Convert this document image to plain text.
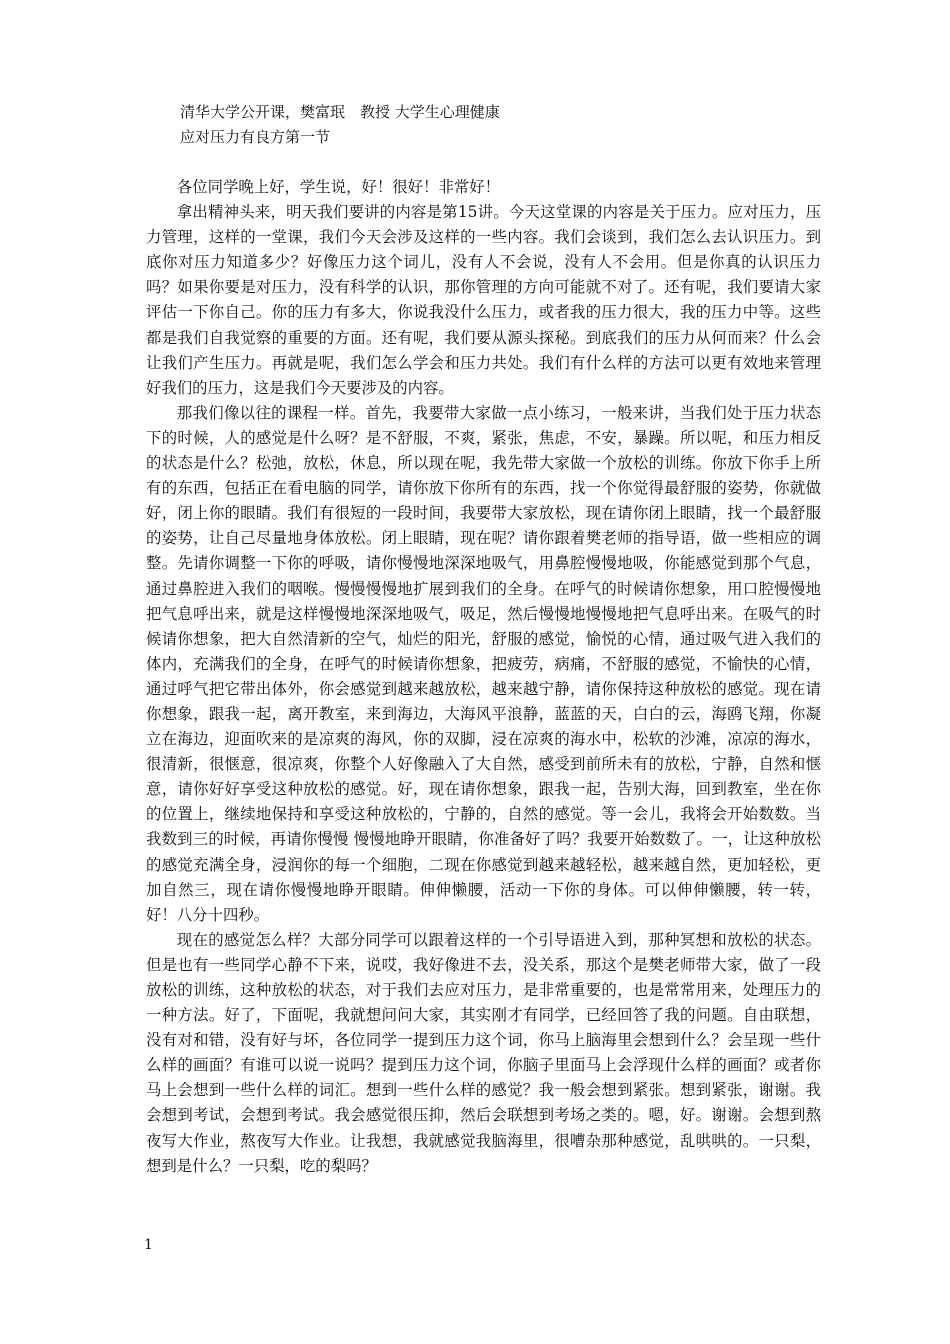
清华大学公开课，樊富珉　教授 大学生心理健康

应对压力有良方第一节

各位同学晚上好，学生说，好！很好！非常好！

拿出精神头来，明天我们要讲的内容是第15讲。今天这堂课的内容是关于压力。应对压力，压力管理，这样的一堂课，我们今天会涉及这样的一些内容。我们会谈到，我们怎么去认识压力。到底你对压力知道多少？好像压力这个词儿，没有人不会说，没有人不会用。但是你真的认识压力吗？如果你要是对压力，没有科学的认识，那你管理的方向可能就不对了。还有呢，我们要请大家评估一下你自己。你的压力有多大，你说我没什么压力，或者我的压力很大，我的压力中等。这些都是我们自我觉察的重要的方面。还有呢，我们要从源头探秘。到底我们的压力从何而来？什么会让我们产生压力。再就是呢，我们怎么学会和压力共处。我们有什么样的方法可以更有效地来管理好我们的压力，这是我们今天要涉及的内容。

那我们像以往的课程一样。首先，我要带大家做一点小练习，一般来讲，当我们处于压力状态下的时候，人的感觉是什么呀？是不舒服，不爽，紧张，焦虑，不安，暴躁。所以呢，和压力相反的状态是什么？松弛，放松，休息，所以现在呢，我先带大家做一个放松的训练。你放下你手上所有的东西，包括正在看电脑的同学，请你放下你所有的东西，找一个你觉得最舒服的姿势，你就做好，闭上你的眼睛。我们有很短的一段时间，我要带大家放松，现在请你闭上眼睛，找一个最舒服的姿势，让自己尽量地身体放松。闭上眼睛，现在呢？请你跟着樊老师的指导语，做一些相应的调整。先请你调整一下你的呼吸，请你慢慢地深深地吸气，用鼻腔慢慢地吸，你能感觉到那个气息，通过鼻腔进入我们的咽喉。慢慢慢慢地扩展到我们的全身。在呼气的时候请你想象，用口腔慢慢地把气息呼出来，就是这样慢慢地深深地吸气，吸足，然后慢慢地慢慢地把气息呼出来。在吸气的时候请你想象，把大自然清新的空气，灿烂的阳光，舒服的感觉，愉悦的心情，通过吸气进入我们的体内，充满我们的全身，在呼气的时候请你想象，把疲劳，病痛，不舒服的感觉，不愉快的心情，通过呼气把它带出体外，你会感觉到越来越放松，越来越宁静，请你保持这种放松的感觉。现在请你想象，跟我一起，离开教室，来到海边，大海风平浪静，蓝蓝的天，白白的云，海鸥飞翔，你凝立在海边，迎面吹来的是凉爽的海风，你的双脚，浸在凉爽的海水中，松软的沙滩，凉凉的海水，很清新，很惬意，很凉爽，你整个人好像融入了大自然，感受到前所未有的放松，宁静，自然和惬意，请你好好享受这种放松的感觉。好，现在请你想象，跟我一起，告别大海，回到教室，坐在你的位置上，继续地保持和享受这种放松的，宁静的，自然的感觉。等一会儿，我将会开始数数。当我数到三的时候，再请你慢慢 慢慢地睁开眼睛，你准备好了吗？我要开始数数了。一，让这种放松的感觉充满全身，浸润你的每一个细胞，二现在你感觉到越来越轻松，越来越自然，更加轻松，更加自然三，现在请你慢慢地睁开眼睛。伸伸懒腰，活动一下你的身体。可以伸伸懒腰，转一转，好！八分十四秒。

现在的感觉怎么样？大部分同学可以跟着这样的一个引导语进入到，那种冥想和放松的状态。但是也有一些同学心静不下来，说哎，我好像进不去，没关系，那这个是樊老师带大家，做了一段放松的训练，这种放松的状态，对于我们去应对压力，是非常重要的，也是常常用来，处理压力的一种方法。好了，下面呢，我就想问问大家，其实刚才有同学，已经回答了我的问题。自由联想，没有对和错，没有好与坏，各位同学一提到压力这个词，你马上脑海里会想到什么？会呈现一些什么样的画面？有谁可以说一说吗？提到压力这个词，你脑子里面马上会浮现什么样的画面？或者你马上会想到一些什么样的词汇。想到一些什么样的感觉？我一般会想到紧张。想到紧张，谢谢。我会想到考试，会想到考试。我会感觉很压抑，然后会联想到考场之类的。嗯，好。谢谢。会想到熬夜写大作业，熬夜写大作业。让我想，我就感觉我脑海里，很嘈杂那种感觉，乱哄哄的。一只梨，想到是什么？一只梨，吃的梨吗？

1
